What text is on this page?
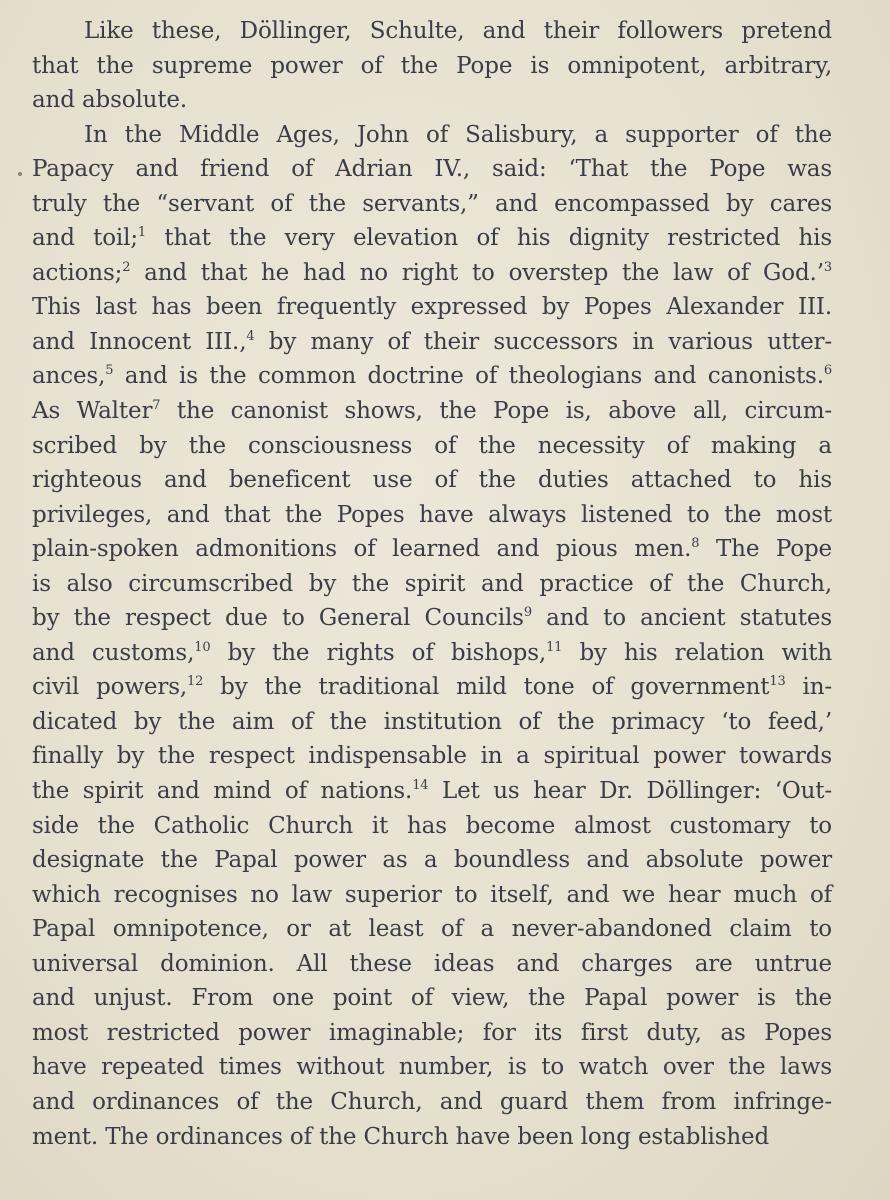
Like these, Döllinger, Schulte, and their followers pretend
that the supreme power of the Pope is omnipotent, arbitrary,
and absolute.
In the Middle Ages, John of Salisbury, a supporter of the
Papacy and friend of Adrian IV., said: ‘That the Pope was
truly the “servant of the servants,” and encompassed by cares
and toil;$^1$ that the very elevation of his dignity restricted his
actions;$^2$ and that he had no right to overstep the law of God.’$^3$
This last has been frequently expressed by Popes Alexander III.
and Innocent III.,$^4$ by many of their successors in various utter-
ances,$^5$ and is the common doctrine of theologians and canonists.$^6$
As Walter$^7$ the canonist shows, the Pope is, above all, circum-
scribed by the consciousness of the necessity of making a
righteous and beneficent use of the duties attached to his
privileges, and that the Popes have always listened to the most
plain-spoken admonitions of learned and pious men.$^8$ The Pope
is also circumscribed by the spirit and practice of the Church,
by the respect due to General Councils$^9$ and to ancient statutes
and customs,$^{10}$ by the rights of bishops,$^{11}$ by his relation with
civil powers,$^{12}$ by the traditional mild tone of government$^{13}$ in-
dicated by the aim of the institution of the primacy ‘to feed,’
finally by the respect indispensable in a spiritual power towards
the spirit and mind of nations.$^{14}$ Let us hear Dr. Döllinger: ‘Out-
side the Catholic Church it has become almost customary to
designate the Papal power as a boundless and absolute power
which recognises no law superior to itself, and we hear much of
Papal omnipotence, or at least of a never-abandoned claim to
universal dominion. All these ideas and charges are untrue
and unjust. From one point of view, the Papal power is the
most restricted power imaginable; for its first duty, as Popes
have repeated times without number, is to watch over the laws
and ordinances of the Church, and guard them from infringe-
ment. The ordinances of the Church have been long established
